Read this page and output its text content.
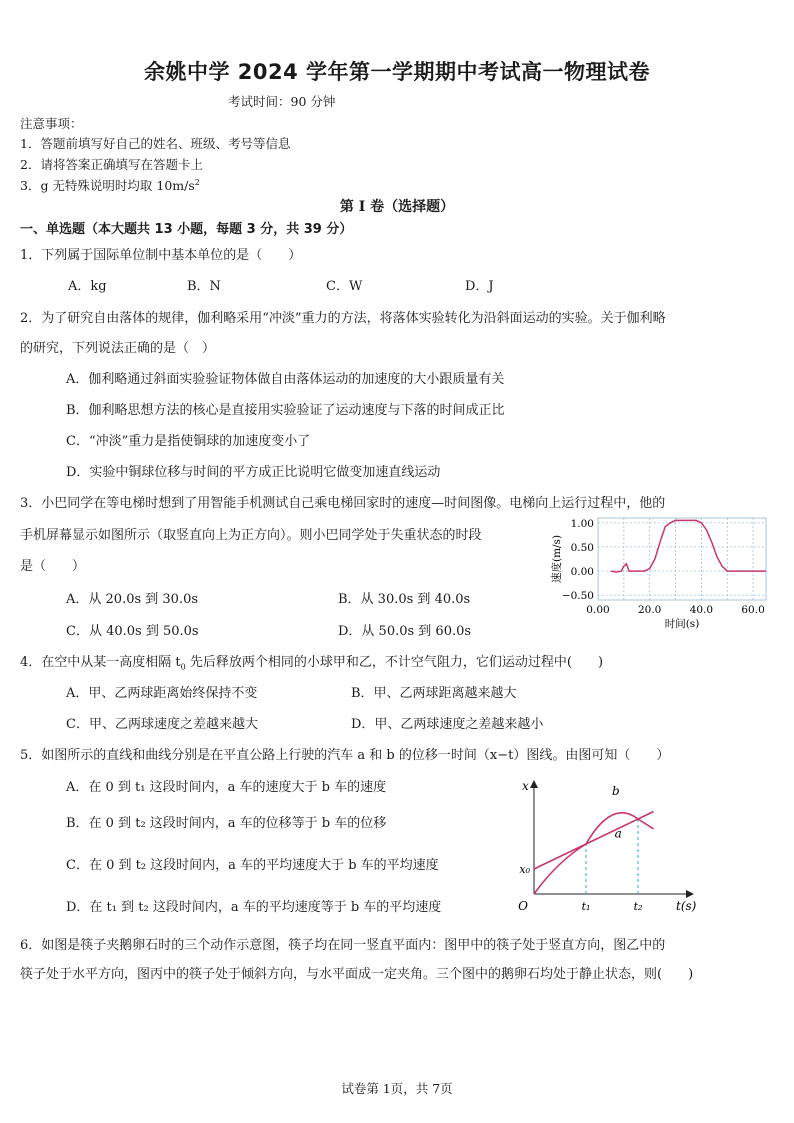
余姚中学 2024 学年第一学期期中考试高一物理试卷
考试时间：90 分钟
注意事项：
1．答题前填写好自己的姓名、班级、考号等信息
2．请将答案正确填写在答题卡上
3．g 无特殊说明时均取 $10m/s^2$
第 I 卷（选择题）
一、单选题（本大题共 13 小题，每题 3 分，共 39 分）
1．下列属于国际单位制中基本单位的是（　　）
A．kg	B．N	C．W	D．J
2．为了研究自由落体的规律，伽利略采用“冲淡”重力的方法，将落体实验转化为沿斜面运动的实验。关于伽利略
的研究，下列说法正确的是（　）
A．伽利略通过斜面实验验证物体做自由落体运动的加速度的大小跟质量有关
B．伽利略思想方法的核心是直接用实验验证了运动速度与下落的时间成正比
C．“冲淡”重力是指使铜球的加速度变小了
D．实验中铜球位移与时间的平方成正比说明它做变加速直线运动
3．小巴同学在等电梯时想到了用智能手机测试自己乘电梯回家时的速度—时间图像。电梯向上运行过程中，他的
手机屏幕显示如图所示（取竖直向上为正方向）。则小巴同学处于失重状态的时段
是（　　）
A．从 20.0s 到 30.0s	B．从 30.0s 到 40.0s
C．从 40.0s 到 50.0s	D．从 50.0s 到 60.0s
0.00	20.0	40.0	60.0
1.00
0.50
0.00
−0.50
时间(s)
速度(m/s)
4．在空中从某一高度相隔 $t_0$ 先后释放两个相同的小球甲和乙，不计空气阻力，它们运动过程中(　　)
A．甲、乙两球距离始终保持不变	B．甲、乙两球距离越来越大
C．甲、乙两球速度之差越来越大	D．甲、乙两球速度之差越来越小
5．如图所示的直线和曲线分别是在平直公路上行驶的汽车 a 和 b 的位移一时间（x−t）图线。由图可知（　　）
A．在 0 到 t₁ 这段时间内，a 车的速度大于 b 车的速度
B．在 0 到 t₂ 这段时间内，a 车的位移等于 b 车的位移
C．在 0 到 t₂ 这段时间内，a 车的平均速度大于 b 车的平均速度
D．在 t₁ 到 t₂ 这段时间内，a 车的平均速度等于 b 车的平均速度
b
a
x
t(s)
O
x₀
t₁	t₂
6．如图是筷子夹鹅卵石时的三个动作示意图，筷子均在同一竖直平面内：图甲中的筷子处于竖直方向，图乙中的
筷子处于水平方向，图丙中的筷子处于倾斜方向，与水平面成一定夹角。三个图中的鹅卵石均处于静止状态，则(　　)
试卷第 1页，共 7页
